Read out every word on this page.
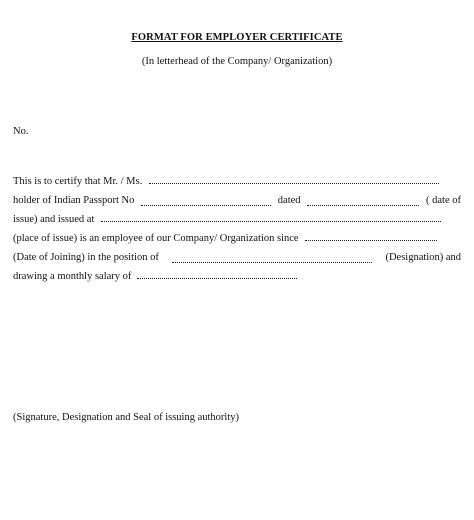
FORMAT FOR EMPLOYER CERTIFICATE
(In letterhead of the Company/ Organization)
No.
This is to certify that Mr. / Ms.
holder of Indian Passport No	dated	( date of
issue) and issued at
(place of issue) is an employee of our Company/ Organization since
(Date of Joining) in the position of	(Designation) and
drawing a monthly salary of
(Signature, Designation and Seal of issuing authority)
